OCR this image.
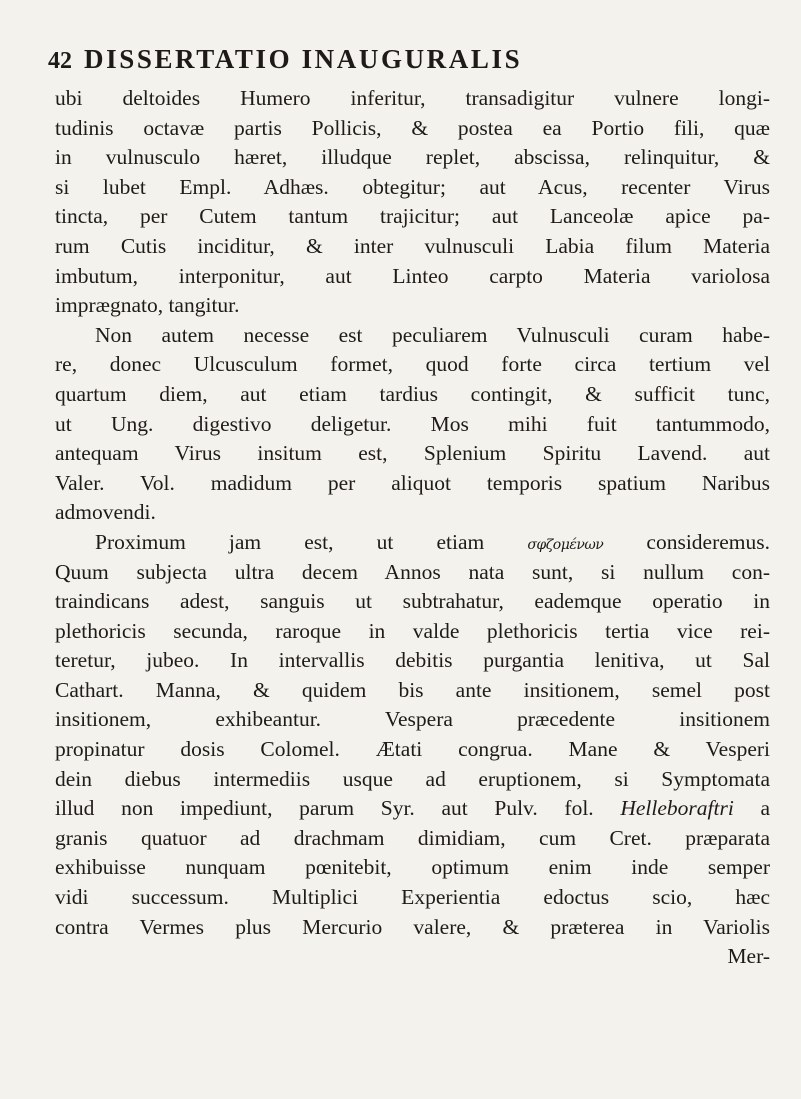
42 DISSERTATIO INAUGURALIS
ubi deltoides Humero inferitur, transadigitur vulnere longi-
tudinis octavæ partis Pollicis, & postea ea Portio fili, quæ
in vulnusculo hæret, illudque replet, abscissa, relinquitur, &
si lubet Empl. Adhæs. obtegitur; aut Acus, recenter Virus
tincta, per Cutem tantum trajicitur; aut Lanceolæ apice pa-
rum Cutis inciditur, & inter vulnusculi Labia filum Materia
imbutum, interponitur, aut Linteo carpto Materia variolosa
imprægnato, tangitur.
Non autem necesse est peculiarem Vulnusculi curam habe-
re, donec Ulcusculum formet, quod forte circa tertium vel
quartum diem, aut etiam tardius contingit, & sufficit tunc,
ut Ung. digestivo deligetur. Mos mihi fuit tantummodo,
antequam Virus insitum est, Splenium Spiritu Lavend. aut
Valer. Vol. madidum per aliquot temporis spatium Naribus
admovendi.
Proximum jam est, ut etiam	σφζομένων consideremus.
Quum subjecta ultra decem Annos nata sunt, si nullum con-
traindicans adest, sanguis ut subtrahatur, eademque operatio in
plethoricis secunda, raroque in valde plethoricis tertia vice rei-
teretur, jubeo. In intervallis debitis purgantia lenitiva, ut Sal
Cathart. Manna, & quidem bis ante insitionem, semel post
insitionem, exhibeantur. Vespera præcedente insitionem
propinatur dosis Colomel. Ætati congrua. Mane & Vesperi
dein diebus intermediis usque ad eruptionem, si Symptomata
illud non impediunt, parum Syr. aut Pulv. fol. Helleboraftri a
granis quatuor ad drachmam dimidiam, cum Cret. præparata
exhibuisse nunquam pœnitebit, optimum enim inde semper
vidi successum. Multiplici Experientia edoctus scio, hæc
contra Vermes plus Mercurio valere, & præterea in Variolis
Mer-
